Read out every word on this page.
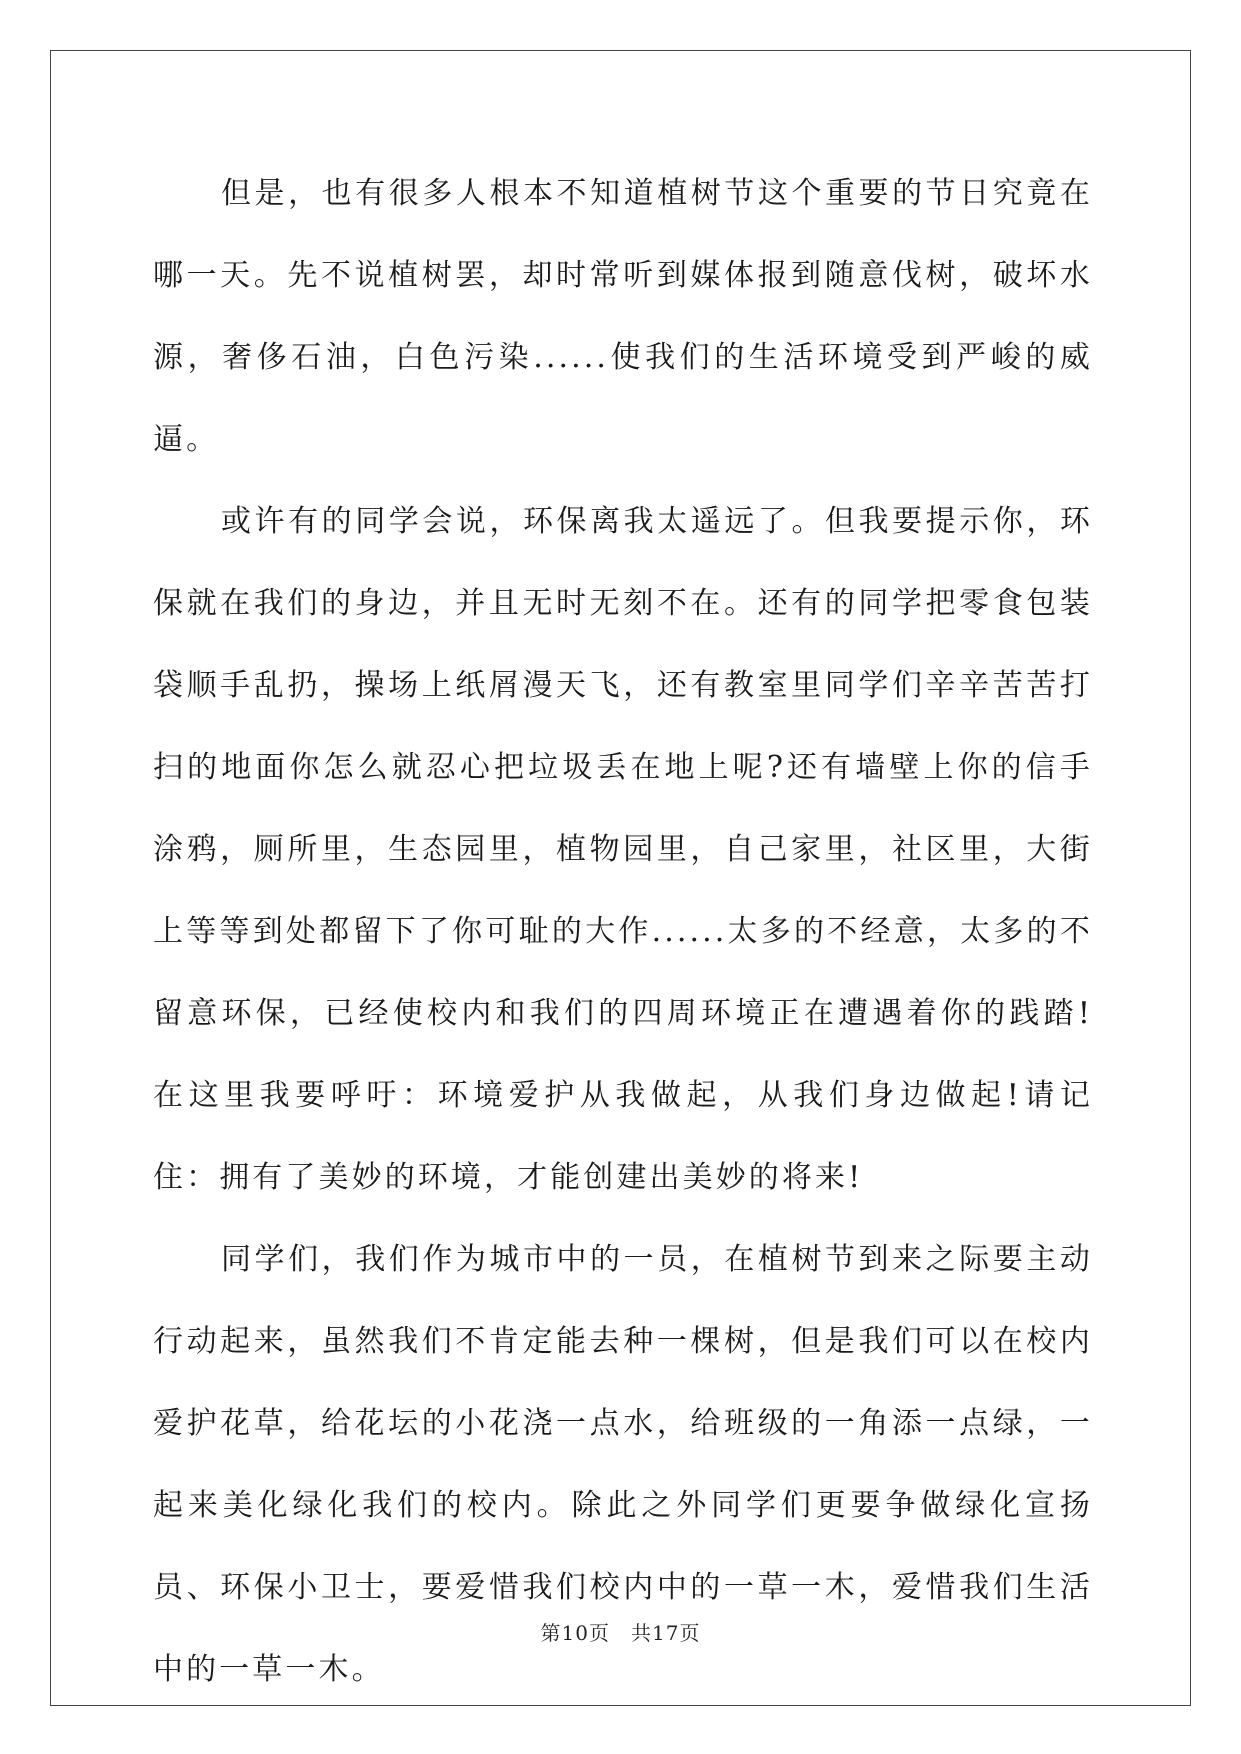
但是，也有很多人根本不知道植树节这个重要的节日究竟在哪一天。先不说植树罢，却时常听到媒体报到随意伐树，破坏水源，奢侈石油，白色污染......使我们的生活环境受到严峻的威逼。

或许有的同学会说，环保离我太遥远了。但我要提示你，环保就在我们的身边，并且无时无刻不在。还有的同学把零食包装袋顺手乱扔，操场上纸屑漫天飞，还有教室里同学们辛辛苦苦打扫的地面你怎么就忍心把垃圾丢在地上呢?还有墙壁上你的信手涂鸦，厕所里，生态园里，植物园里，自己家里，社区里，大街上等等到处都留下了你可耻的大作......太多的不经意，太多的不留意环保，已经使校内和我们的四周环境正在遭遇着你的践踏!在这里我要呼吁：环境爱护从我做起，从我们身边做起!请记住：拥有了美妙的环境，才能创建出美妙的将来!

同学们，我们作为城市中的一员，在植树节到来之际要主动行动起来，虽然我们不肯定能去种一棵树，但是我们可以在校内爱护花草，给花坛的小花浇一点水，给班级的一角添一点绿，一起来美化绿化我们的校内。除此之外同学们更要争做绿化宣扬员、环保小卫士，要爱惜我们校内中的一草一木，爱惜我们生活中的一草一木。

第10页　共17页
